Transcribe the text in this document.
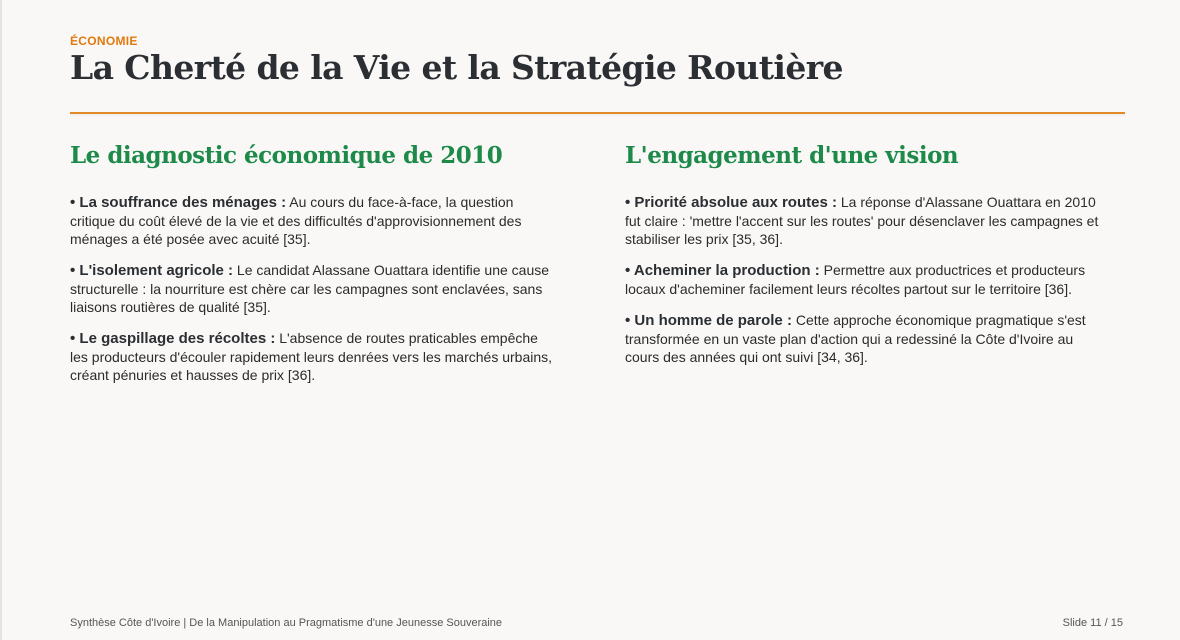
ÉCONOMIE
La Cherté de la Vie et la Stratégie Routière
Le diagnostic économique de 2010

• La souffrance des ménages : Au cours du face-à-face, la question critique du coût élevé de la vie et des difficultés d'approvisionnement des ménages a été posée avec acuité [35].

• L'isolement agricole : Le candidat Alassane Ouattara identifie une cause structurelle : la nourriture est chère car les campagnes sont enclavées, sans liaisons routières de qualité [35].

• Le gaspillage des récoltes : L'absence de routes praticables empêche les producteurs d'écouler rapidement leurs denrées vers les marchés urbains, créant pénuries et hausses de prix [36].

L'engagement d'une vision

• Priorité absolue aux routes : La réponse d'Alassane Ouattara en 2010 fut claire : 'mettre l'accent sur les routes' pour désenclaver les campagnes et stabiliser les prix [35, 36].

• Acheminer la production : Permettre aux productrices et producteurs locaux d'acheminer facilement leurs récoltes partout sur le territoire [36].

• Un homme de parole : Cette approche économique pragmatique s'est transformée en un vaste plan d'action qui a redessiné la Côte d'Ivoire au cours des années qui ont suivi [34, 36].

Synthèse Côte d'Ivoire | De la Manipulation au Pragmatisme d'une Jeunesse Souveraine	Slide 11 / 15
